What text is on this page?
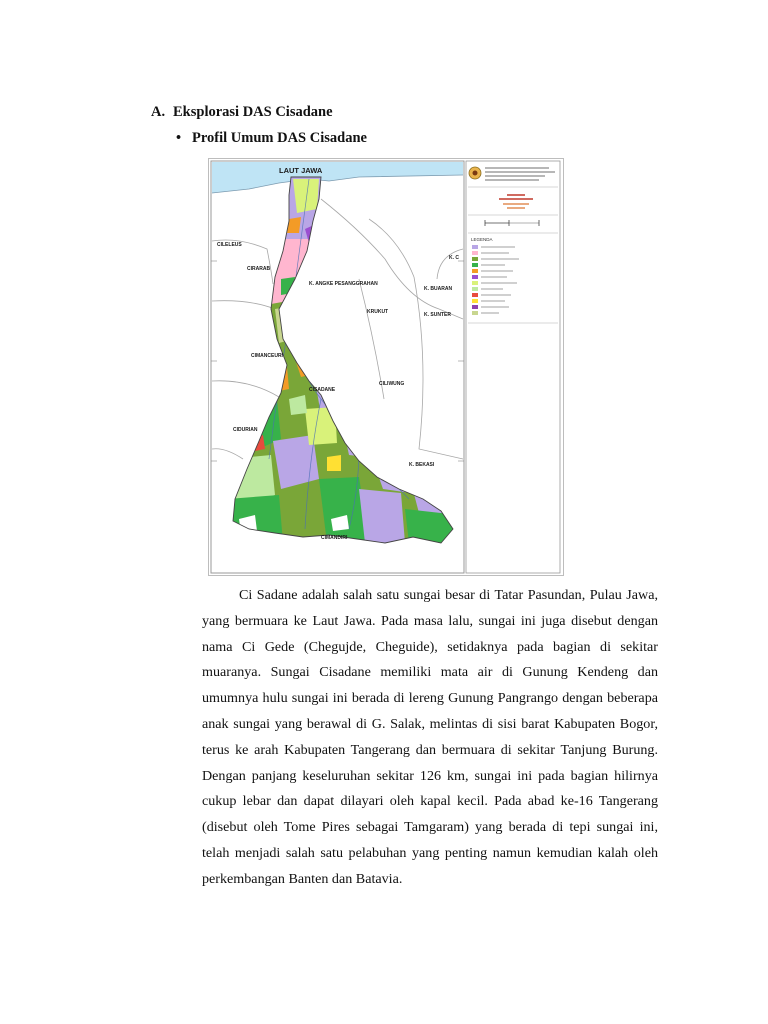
A. Eksplorasi DAS Cisadane
• Profil Umum DAS Cisadane
LAUT JAWA
CILELEUS
CIRARAB
K. ANGKE PESANGGRAHAN
KRUKUT	K. SUNTER
K. BUARAN
K. C
CIMANCEURI
CISADANE
CILIWUNG
CIDURIAN
K. BEKASI
CIMANDIRI
LEGENDA

Ci Sadane adalah salah satu sungai besar di Tatar Pasundan, Pulau Jawa, yang bermuara ke Laut Jawa. Pada masa lalu, sungai ini juga disebut dengan nama Ci Gede (Chegujde, Cheguide), setidaknya pada bagian di sekitar muaranya. Sungai Cisadane memiliki mata air di Gunung Kendeng dan umumnya hulu sungai ini berada di lereng Gunung Pangrango dengan beberapa anak sungai yang berawal di G. Salak, melintas di sisi barat Kabupaten Bogor, terus ke arah Kabupaten Tangerang dan bermuara di sekitar Tanjung Burung. Dengan panjang keseluruhan sekitar 126 km, sungai ini pada bagian hilirnya cukup lebar dan dapat dilayari oleh kapal kecil. Pada abad ke-16 Tangerang (disebut oleh Tome Pires sebagai Tamgaram) yang berada di tepi sungai ini, telah menjadi salah satu pelabuhan yang penting namun kemudian kalah oleh perkembangan Banten dan Batavia.
